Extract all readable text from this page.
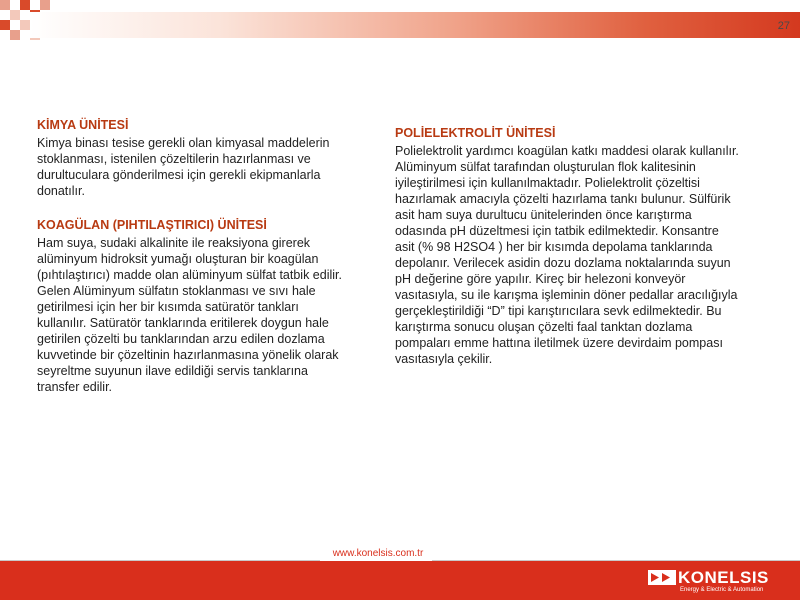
27
KİMYA ÜNİTESİ
Kimya binası tesise gerekli olan kimyasal maddelerin stoklanması, istenilen çözeltilerin hazırlanması ve durultuculara gönderilmesi için gerekli ekipmanlarla donatılır.
KOAGÜLAN (PIHTILAŞTIRICI) ÜNİTESİ
Ham suya, sudaki alkalinite ile reaksiyona girerek alüminyum hidroksit yumağı oluşturan bir koagülan (pıhtılaştırıcı) madde olan alüminyum sülfat tatbik edilir. Gelen Alüminyum sülfatın stoklanması ve sıvı hale getirilmesi için her bir kısımda satüratör tankları kullanılır. Satüratör tanklarında eritilerek doygun hale getirilen çözelti bu tanklarından arzu edilen dozlama kuvvetinde bir çözeltinin hazırlanmasına yönelik olarak seyreltme suyunun ilave edildiği servis tanklarına transfer edilir.
POLİELEKTROLİT ÜNİTESİ
Polielektrolit yardımcı koagülan katkı maddesi olarak kullanılır. Alüminyum sülfat tarafından oluşturulan flok kalitesinin iyileştirilmesi için kullanılmaktadır. Polielektrolit çözeltisi hazırlamak amacıyla çözelti hazırlama tankı bulunur. Sülfürik asit ham suya durultucu ünitelerinden önce karıştırma odasında pH düzeltmesi için tatbik edilmektedir. Konsantre asit (% 98 H2SO4 ) her bir kısımda depolama tanklarında depolanır. Verilecek asidin dozu dozlama noktalarında suyun pH değerine göre yapılır. Kireç bir helezoni konveyör vasıtasıyla, su ile karışma işleminin döner pedallar aracılığıyla gerçekleştirildiği “D” tipi karıştırıcılara sevk edilmektedir. Bu karıştırma sonucu oluşan çözelti faal tanktan dozlama pompaları emme hattına iletilmek üzere devirdaim pompası vasıtasıyla çekilir.
www.konelsis.com.tr
KONELSIS
Energy & Electric & Automation
